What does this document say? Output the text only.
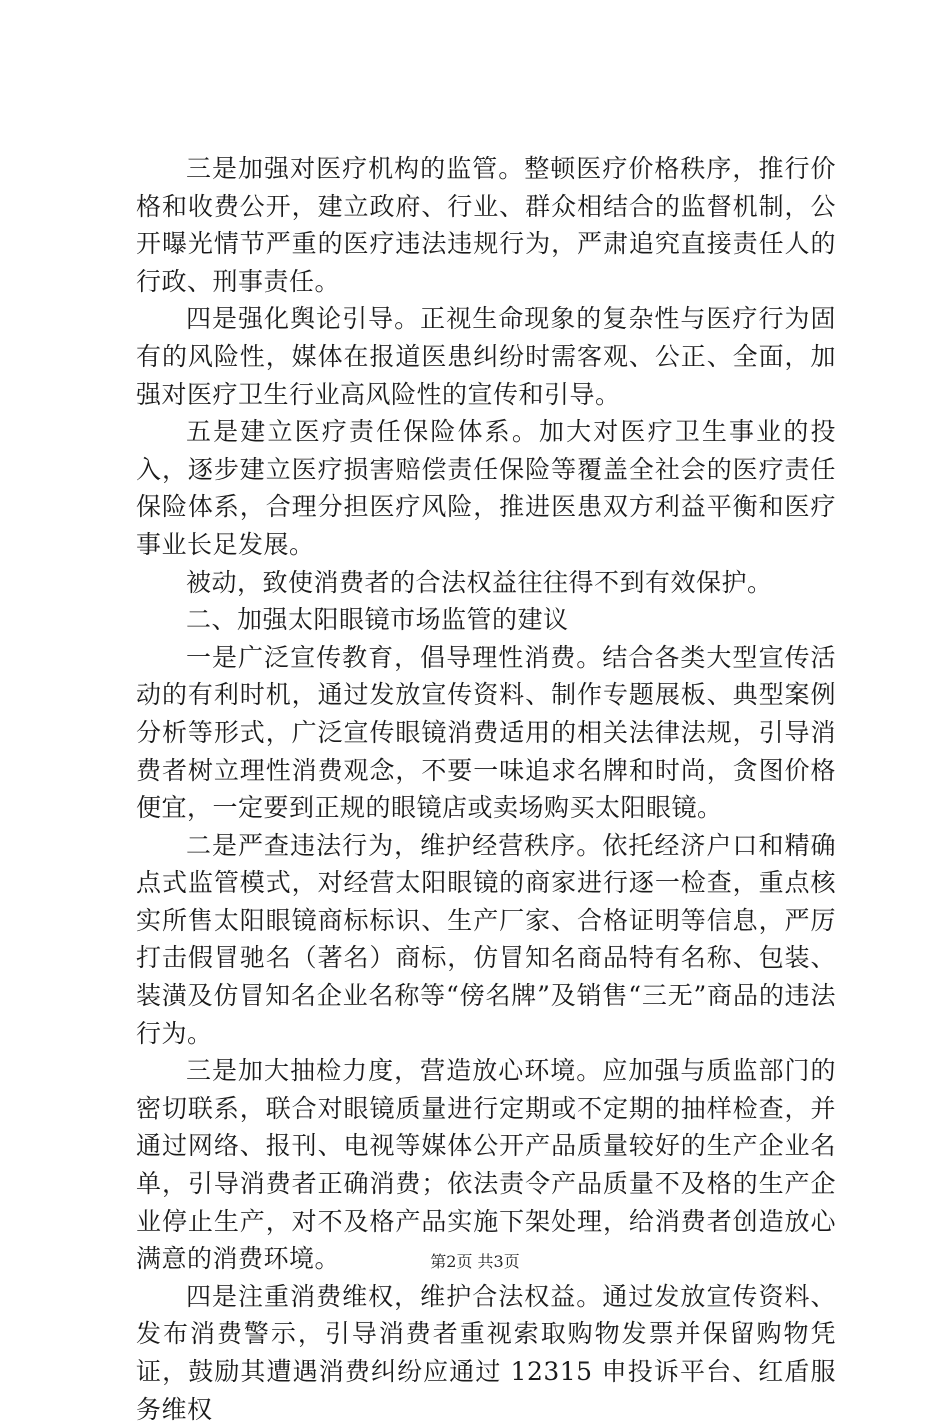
三是加强对医疗机构的监管。整顿医疗价格秩序，推行价格和收费公开，建立政府、行业、群众相结合的监督机制，公开曝光情节严重的医疗违法违规行为，严肃追究直接责任人的行政、刑事责任。

四是强化舆论引导。正视生命现象的复杂性与医疗行为固有的风险性，媒体在报道医患纠纷时需客观、公正、全面，加强对医疗卫生行业高风险性的宣传和引导。

五是建立医疗责任保险体系。加大对医疗卫生事业的投入，逐步建立医疗损害赔偿责任保险等覆盖全社会的医疗责任保险体系，合理分担医疗风险，推进医患双方利益平衡和医疗事业长足发展。

被动，致使消费者的合法权益往往得不到有效保护。

二、加强太阳眼镜市场监管的建议

一是广泛宣传教育，倡导理性消费。结合各类大型宣传活动的有利时机，通过发放宣传资料、制作专题展板、典型案例分析等形式，广泛宣传眼镜消费适用的相关法律法规，引导消费者树立理性消费观念，不要一味追求名牌和时尚，贪图价格便宜，一定要到正规的眼镜店或卖场购买太阳眼镜。

二是严查违法行为，维护经营秩序。依托经济户口和精确点式监管模式，对经营太阳眼镜的商家进行逐一检查，重点核实所售太阳眼镜商标标识、生产厂家、合格证明等信息，严厉打击假冒驰名（著名）商标，仿冒知名商品特有名称、包装、装潢及仿冒知名企业名称等“傍名牌”及销售“三无”商品的违法行为。

三是加大抽检力度，营造放心环境。应加强与质监部门的密切联系，联合对眼镜质量进行定期或不定期的抽样检查，并通过网络、报刊、电视等媒体公开产品质量较好的生产企业名单，引导消费者正确消费；依法责令产品质量不及格的生产企业停止生产，对不及格产品实施下架处理，给消费者创造放心满意的消费环境。

四是注重消费维权，维护合法权益。通过发放宣传资料、发布消费警示，引导消费者重视索取购物发票并保留购物凭证，鼓励其遭遇消费纠纷应通过 12315 申投诉平台、红盾服务维权

第2页 共3页
